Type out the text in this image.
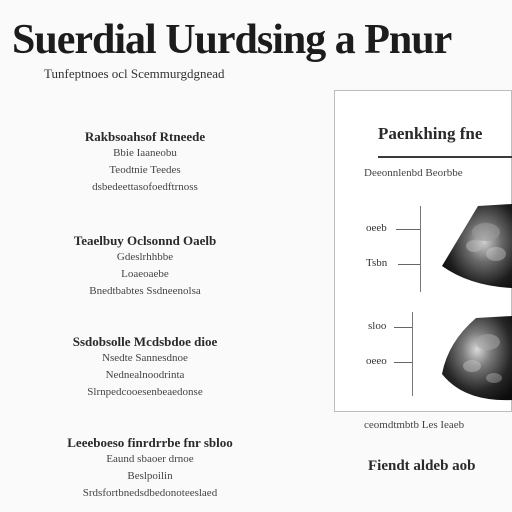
Suerdial Uurdsing a Pnur
Tunfeptnoes ocl Scemmurgdgnead
Rakbsoahsof Rtneede
Bbie Iaaneobu
Teodtnie Teedes
dsbedeettasofoedftrnoss
Teaelbuy Oclsonnd Oaelb
Gdeslrhhbbe
Loaeoaebe
Bnedtbabtes Ssdneenolsa
Ssdobsolle Mcdsbdoe dioe
Nsedte Sannesdnoe
Nednealnoodrinta
Slrnpedcooesenbeaedonse
Leeeboeso finrdrrbe fnr sbloo
Eaund sbaoer drnoe
Beslpoilin
Srdsfortbnedsdbedonoteeslaed
Paenkhing fne
Deeonnlenbd Beorbbe
oeeb
Tsbn
sloo
oeeo
ceomdtmbtb Les Ieaeb
Fiendt aldeb aob
